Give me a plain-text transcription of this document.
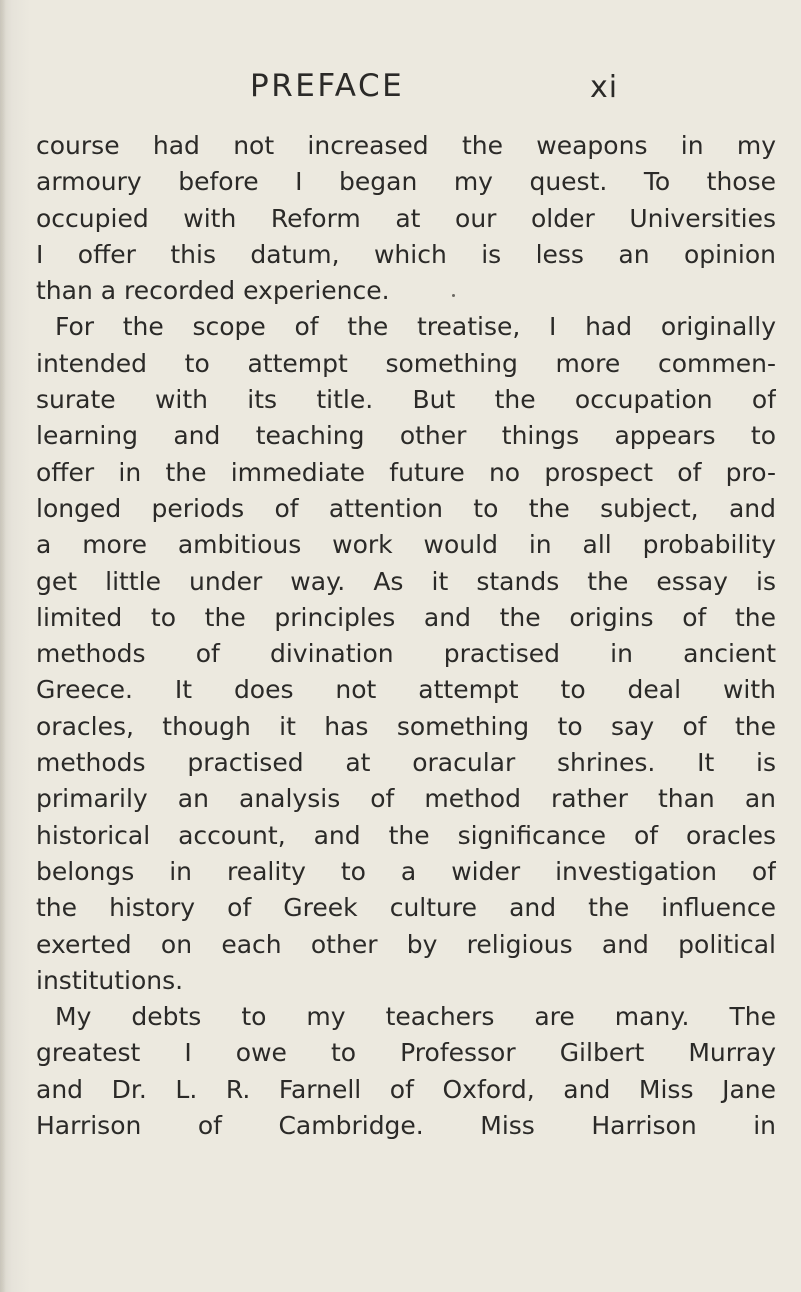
PREFACE	xi
course had not increased the weapons in my
armoury before I began my quest. To those
occupied with Reform at our older Universities
I offer this datum, which is less an opinion
than a recorded experience.
For the scope of the treatise, I had originally
intended to attempt something more commen-
surate with its title. But the occupation of
learning and teaching other things appears to
offer in the immediate future no prospect of pro-
longed periods of attention to the subject, and
a more ambitious work would in all probability
get little under way. As it stands the essay is
limited to the principles and the origins of the
methods of divination practised in ancient
Greece. It does not attempt to deal with
oracles, though it has something to say of the
methods practised at oracular shrines. It is
primarily an analysis of method rather than an
historical account, and the significance of oracles
belongs in reality to a wider investigation of
the history of Greek culture and the influence
exerted on each other by religious and political
institutions.
My debts to my teachers are many. The
greatest I owe to Professor Gilbert Murray
and Dr. L. R. Farnell of Oxford, and Miss Jane
Harrison of Cambridge. Miss Harrison in
